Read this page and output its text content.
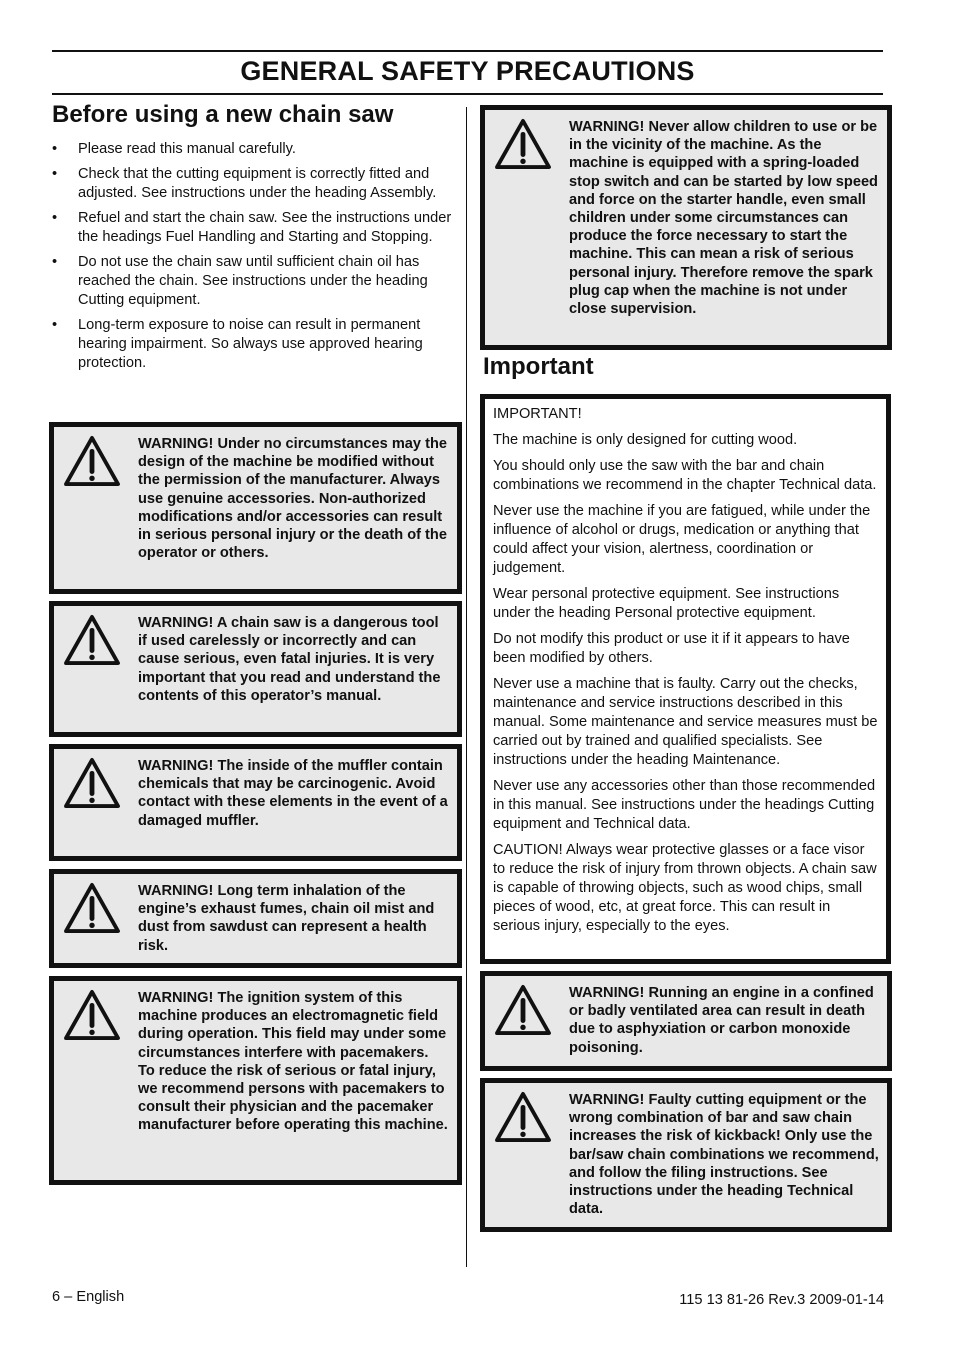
GENERAL SAFETY PRECAUTIONS
Before using a new chain saw
• Please read this manual carefully.
• Check that the cutting equipment is correctly fitted and adjusted. See instructions under the heading Assembly.
• Refuel and start the chain saw. See the instructions under the headings Fuel Handling and Starting and Stopping.
• Do not use the chain saw until sufficient chain oil has reached the chain. See instructions under the heading Cutting equipment.
• Long-term exposure to noise can result in permanent hearing impairment. So always use approved hearing protection.
WARNING! Under no circumstances may the design of the machine be modified without the permission of the manufacturer. Always use genuine accessories. Non-authorized modifications and/or accessories can result in serious personal injury or the death of the operator or others.
WARNING! A chain saw is a dangerous tool if used carelessly or incorrectly and can cause serious, even fatal injuries. It is very important that you read and understand the contents of this operator’s manual.
WARNING! The inside of the muffler contain chemicals that may be carcinogenic. Avoid contact with these elements in the event of a damaged muffler.
WARNING! Long term inhalation of the engine’s exhaust fumes, chain oil mist and dust from sawdust can represent a health risk.
WARNING! The ignition system of this machine produces an electromagnetic field during operation. This field may under some circumstances interfere with pacemakers. To reduce the risk of serious or fatal injury, we recommend persons with pacemakers to consult their physician and the pacemaker manufacturer before operating this machine.
WARNING! Never allow children to use or be in the vicinity of the machine. As the machine is equipped with a spring-loaded stop switch and can be started by low speed and force on the starter handle, even small children under some circumstances can produce the force necessary to start the machine. This can mean a risk of serious personal injury. Therefore remove the spark plug cap when the machine is not under close supervision.
Important

IMPORTANT!

The machine is only designed for cutting wood.

You should only use the saw with the bar and chain combinations we recommend in the chapter Technical data.

Never use the machine if you are fatigued, while under the influence of alcohol or drugs, medication or anything that could affect your vision, alertness, coordination or judgement.

Wear personal protective equipment. See instructions under the heading Personal protective equipment.

Do not modify this product or use it if it appears to have been modified by others.

Never use a machine that is faulty. Carry out the checks, maintenance and service instructions described in this manual. Some maintenance and service measures must be carried out by trained and qualified specialists. See instructions under the heading Maintenance.

Never use any accessories other than those recommended in this manual. See instructions under the headings Cutting equipment and Technical data.

CAUTION! Always wear protective glasses or a face visor to reduce the risk of injury from thrown objects. A chain saw is capable of throwing objects, such as wood chips, small pieces of wood, etc, at great force. This can result in serious injury, especially to the eyes.

WARNING! Running an engine in a confined or badly ventilated area can result in death due to asphyxiation or carbon monoxide poisoning.
WARNING! Faulty cutting equipment or the wrong combination of bar and saw chain increases the risk of kickback! Only use the bar/saw chain combinations we recommend, and follow the filing instructions. See instructions under the heading Technical data.
6 – English	115 13 81-26 Rev.3 2009-01-14
